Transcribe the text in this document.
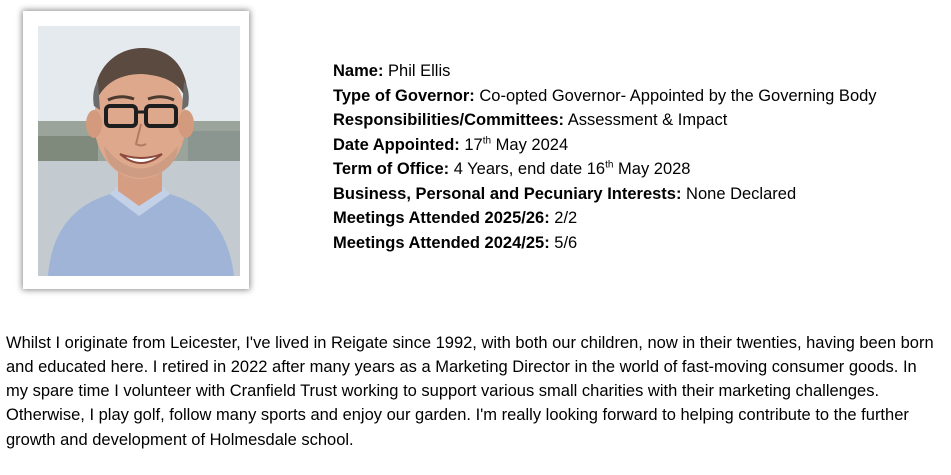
Name: Phil Ellis
Type of Governor: Co-opted Governor- Appointed by the Governing Body
Responsibilities/Committees: Assessment & Impact
Date Appointed: 17th May 2024
Term of Office: 4 Years, end date 16th May 2028
Business, Personal and Pecuniary Interests: None Declared
Meetings Attended 2025/26: 2/2
Meetings Attended 2024/25: 5/6

Whilst I originate from Leicester, I've lived in Reigate since 1992, with both our children, now in their twenties, having been born and educated here. I retired in 2022 after many years as a Marketing Director in the world of fast-moving consumer goods. In my spare time I volunteer with Cranfield Trust working to support various small charities with their marketing challenges. Otherwise, I play golf, follow many sports and enjoy our garden. I'm really looking forward to helping contribute to the further growth and development of Holmesdale school.
